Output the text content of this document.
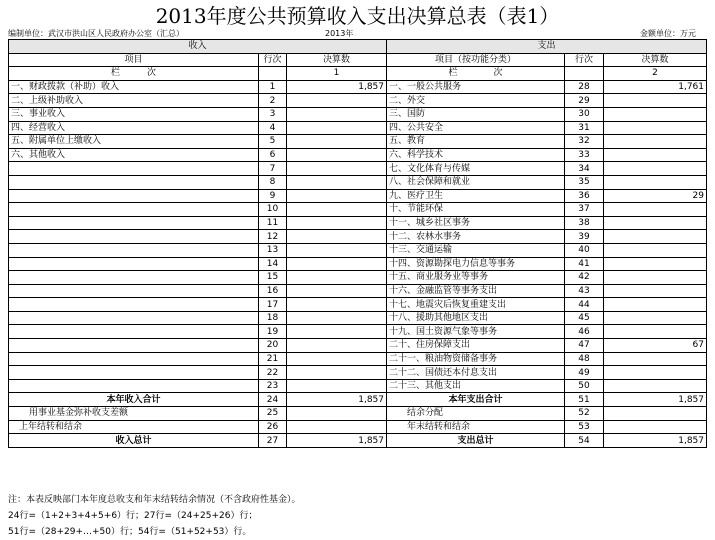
2013年度公共预算收入支出决算总表（表1）
编制单位：武汉市洪山区人民政府办公室（汇总）	2013年	金额单位：万元
收入			支出		
项目	行次	决算数	项目（按功能分类）	行次	决算数
栏　　　次		1	栏　　　　次		2
一、财政拨款（补助）收入	1	1,857	一、一般公共服务	28	1,761
二、上级补助收入	2		二、外交	29	
三、事业收入	3		三、国防	30	
四、经营收入	4		四、公共安全	31	
五、附属单位上缴收入	5		五、教育	32	
六、其他收入	6		六、科学技术	33	
	7		七、文化体育与传媒	34	
	8		八、社会保障和就业	35	
	9		九、医疗卫生	36	29
	10		十、节能环保	37	
	11		十一、城乡社区事务	38	
	12		十二、农林水事务	39	
	13		十三、交通运输	40	
	14		十四、资源勘探电力信息等事务	41	
	15		十五、商业服务业等事务	42	
	16		十六、金融监管等事务支出	43	
	17		十七、地震灾后恢复重建支出	44	
	18		十八、援助其他地区支出	45	
	19		十九、国土资源气象等事务	46	
	20		二十、住房保障支出	47	67
	21		二十一、粮油物资储备事务	48	
	22		二十二、国债还本付息支出	49	
	23		二十三、其他支出	50	
本年收入合计	24	1,857	本年支出合计	51	1,857
用事业基金弥补收支差额	25		结余分配	52	
上年结转和结余	26		年末结转和结余	53	
收入总计	27	1,857	支出总计	54	1,857
注：本表反映部门本年度总收支和年末结转结余情况（不含政府性基金）。
24行=（1+2+3+4+5+6）行；27行=（24+25+26）行；
51行=（28+29+…+50）行；54行=（51+52+53）行。
